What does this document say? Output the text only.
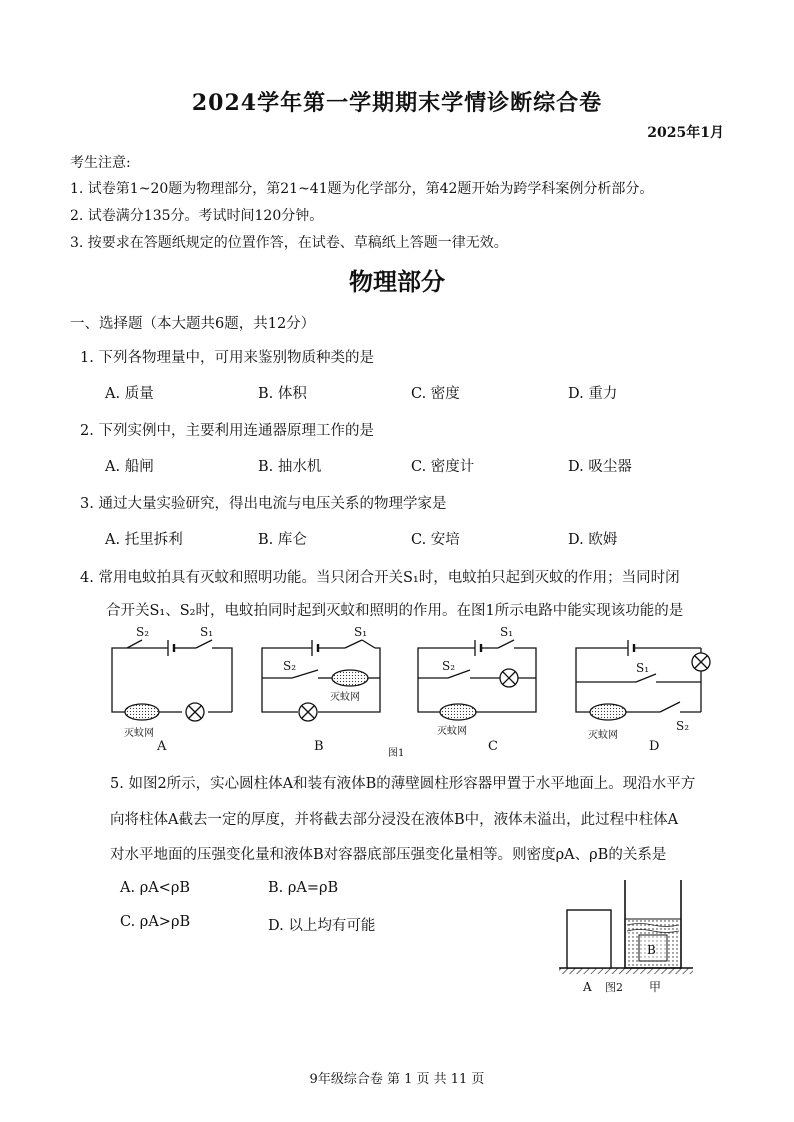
2024学年第一学期期末学情诊断综合卷
2025年1月
考生注意:
1. 试卷第1~20题为物理部分，第21~41题为化学部分，第42题开始为跨学科案例分析部分。
2. 试卷满分135分。考试时间120分钟。
3. 按要求在答题纸规定的位置作答，在试卷、草稿纸上答题一律无效。
物理部分
一、选择题（本大题共6题，共12分）
1. 下列各物理量中，可用来鉴别物质种类的是
A. 质量	B. 体积	C. 密度	D. 重力
2. 下列实例中，主要利用连通器原理工作的是
A. 船闸	B. 抽水机	C. 密度计	D. 吸尘器
3. 通过大量实验研究，得出电流与电压关系的物理学家是
A. 托里拆利	B. 库仑	C. 安培	D. 欧姆
4. 常用电蚊拍具有灭蚊和照明功能。当只闭合开关S₁时，电蚊拍只起到灭蚊的作用；当同时闭
合开关S₁、S₂时，电蚊拍同时起到灭蚊和照明的作用。在图1所示电路中能实现该功能的是
S₂	S₁
灭蚊网
A
S₁
S₂
灭蚊网
B
S₁
S₂
灭蚊网
C
S₁
S₂
灭蚊网
D
图1
5. 如图2所示，实心圆柱体A和装有液体B的薄壁圆柱形容器甲置于水平地面上。现沿水平方
向将柱体A截去一定的厚度，并将截去部分浸没在液体B中，液体未溢出，此过程中柱体A
对水平地面的压强变化量和液体B对容器底部压强变化量相等。则密度ρA、ρB的关系是
A. ρA<ρB	B. ρA=ρB
C. ρA>ρB	D. 以上均有可能
B
A 图2 甲
9年级综合卷 第 1 页 共 11 页
